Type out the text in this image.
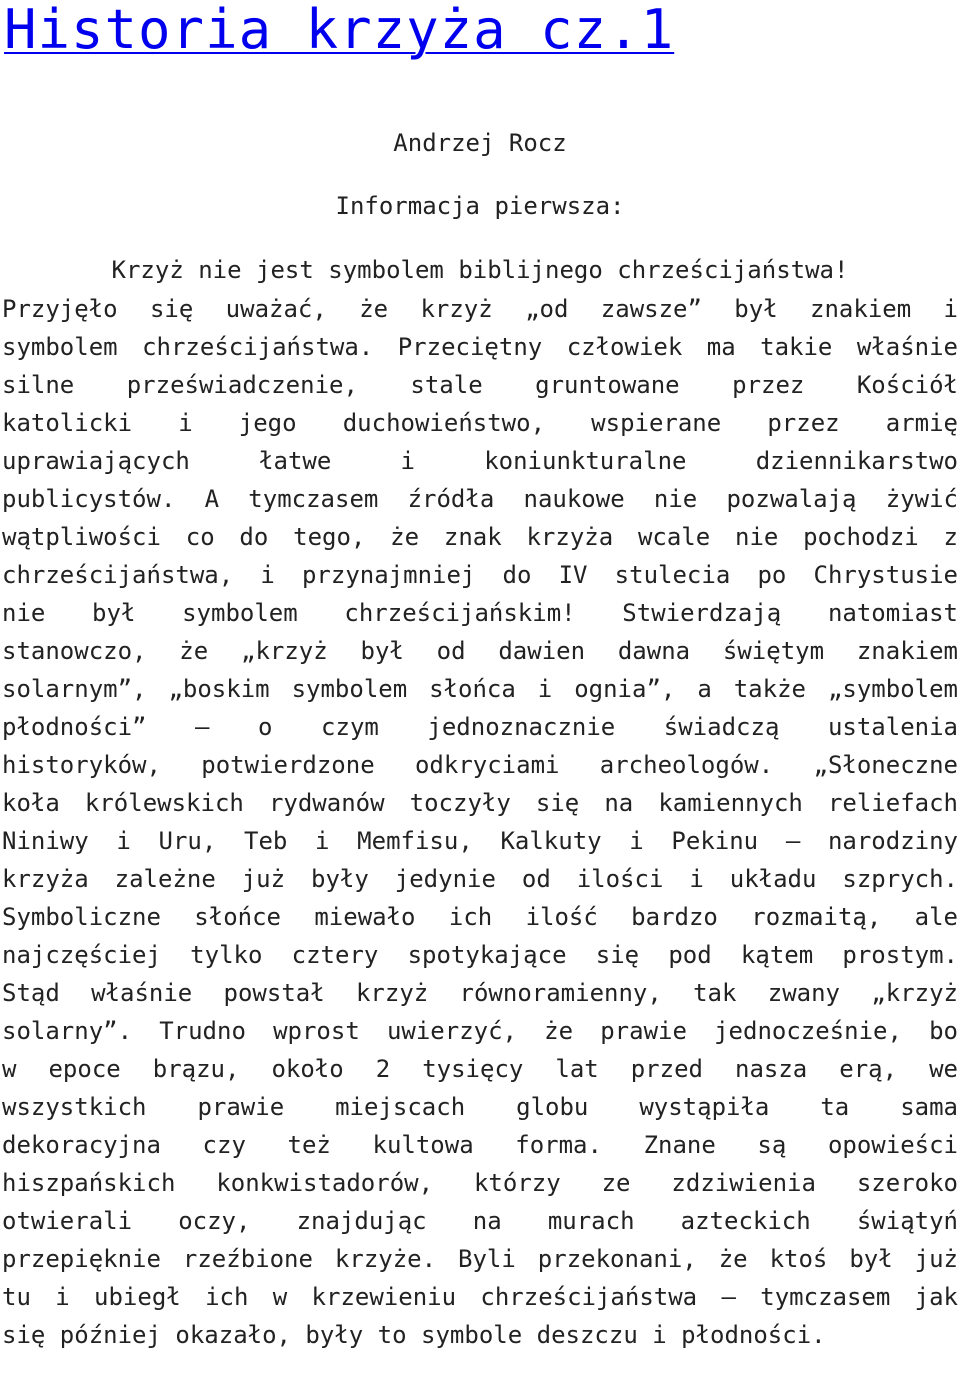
Historia krzyża cz.1
Andrzej Rocz
Informacja pierwsza:
Krzyż nie jest symbolem biblijnego chrześcijaństwa!
Przyjęło się uważać, że krzyż „od zawsze” był znakiem i
symbolem chrześcijaństwa. Przeciętny człowiek ma takie właśnie
silne przeświadczenie, stale gruntowane przez Kościół
katolicki i jego duchowieństwo, wspierane przez armię
uprawiających łatwe i koniunkturalne dziennikarstwo
publicystów. A tymczasem źródła naukowe nie pozwalają żywić
wątpliwości co do tego, że znak krzyża wcale nie pochodzi z
chrześcijaństwa, i przynajmniej do IV stulecia po Chrystusie
nie był symbolem chrześcijańskim! Stwierdzają natomiast
stanowczo, że „krzyż był od dawien dawna świętym znakiem
solarnym”, „boskim symbolem słońca i ognia”, a także „symbolem
płodności” — o czym jednoznacznie świadczą ustalenia
historyków, potwierdzone odkryciami archeologów. „Słoneczne
koła królewskich rydwanów toczyły się na kamiennych reliefach
Niniwy i Uru, Teb i Memfisu, Kalkuty i Pekinu — narodziny
krzyża zależne już były jedynie od ilości i układu szprych.
Symboliczne słońce miewało ich ilość bardzo rozmaitą, ale
najczęściej tylko cztery spotykające się pod kątem prostym.
Stąd właśnie powstał krzyż równoramienny, tak zwany „krzyż
solarny”. Trudno wprost uwierzyć, że prawie jednocześnie, bo
w epoce brązu, około 2 tysięcy lat przed nasza erą, we
wszystkich prawie miejscach globu wystąpiła ta sama
dekoracyjna czy też kultowa forma. Znane są opowieści
hiszpańskich konkwistadorów, którzy ze zdziwienia szeroko
otwierali oczy, znajdując na murach azteckich świątyń
przepięknie rzeźbione krzyże. Byli przekonani, że ktoś był już
tu i ubiegł ich w krzewieniu chrześcijaństwa — tymczasem jak
się później okazało, były to symbole deszczu i płodności.
